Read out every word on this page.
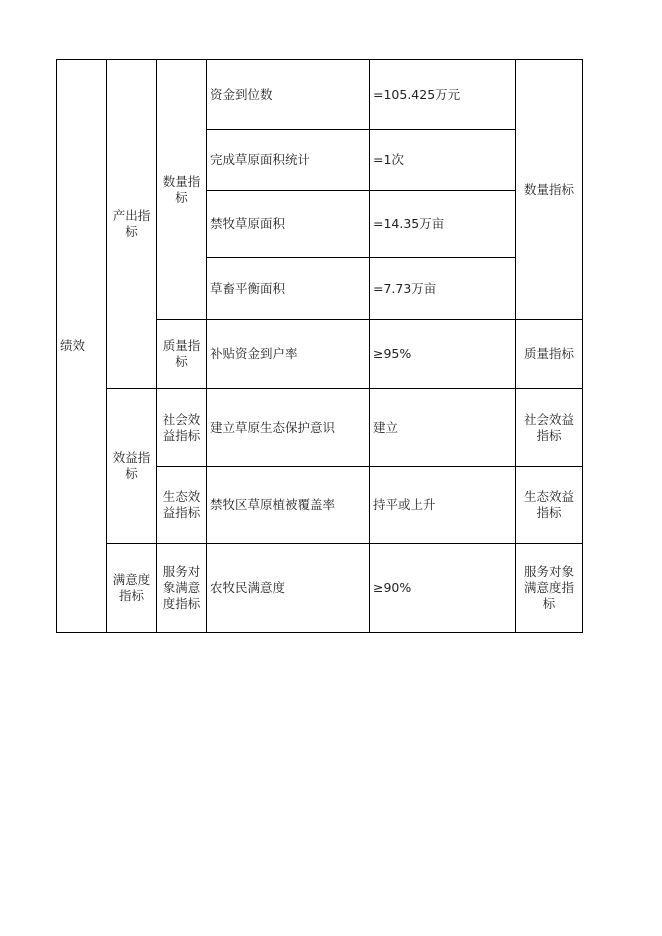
绩效	产出指标	数量指标	资金到位数	=105.425万元	数量指标
			完成草原面积统计	=1次	
			禁牧草原面积	=14.35万亩	
			草畜平衡面积	=7.73万亩	
		质量指标	补贴资金到户率	≥95%	质量指标
	效益指标	社会效益指标	建立草原生态保护意识	建立	社会效益指标
		生态效益指标	禁牧区草原植被覆盖率	持平或上升	生态效益指标
	满意度指标	服务对象满意度指标	农牧民满意度	≥90%	服务对象满意度指标
